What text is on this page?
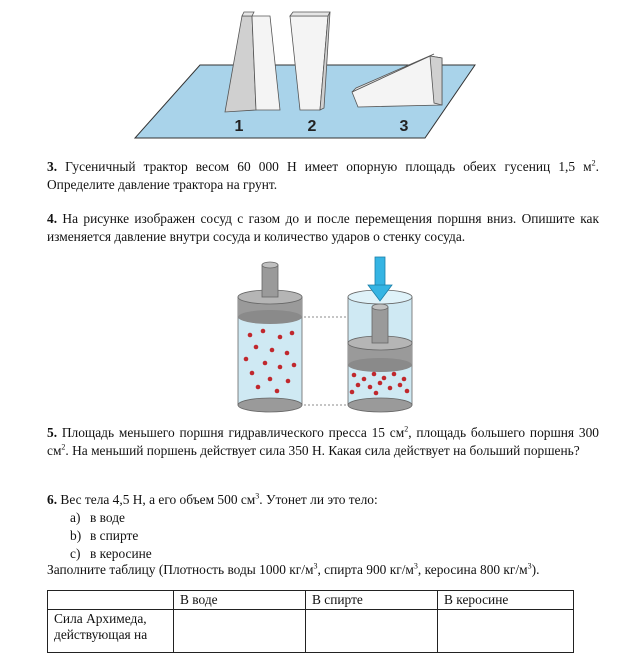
1	2	3
3. Гусеничный трактор весом 60 000 Н имеет опорную площадь обеих гусениц 1,5 $м^2$. Определите давление трактора на грунт.
4. На рисунке изображен сосуд с газом до и после перемещения поршня вниз. Опишите как изменяется давление внутри сосуда и количество ударов о стенку сосуда.
5. Площадь меньшего поршня гидравлического пресса 15 $см^2$, площадь большего поршня 300 $см^2$. На меньший поршень действует сила 350 Н. Какая сила действует на больший поршень?
6. Вес тела 4,5 Н, а его объем 500 $см^3$. Утонет ли это тело:
a) в воде
b) в спирте
c) в керосине
Заполните таблицу (Плотность воды 1000 $кг/м^3$, спирта 900 $кг/м^3$, керосина 800 $кг/м^3$).
	В воде	В спирте	В керосине
Сила Архимеда, действующая на			
